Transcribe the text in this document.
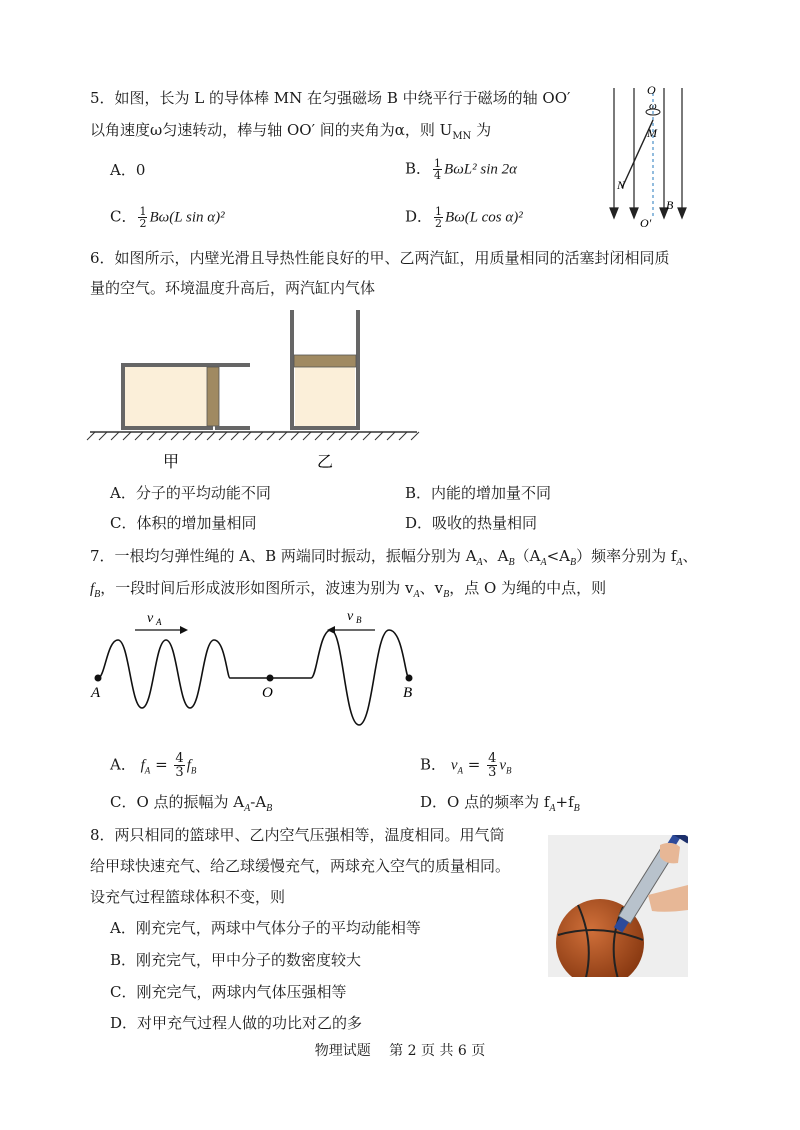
5．如图，长为 L 的导体棒 MN 在匀强磁场 B 中绕平行于磁场的轴 OO′
以角速度ω匀速转动，棒与轴 OO′ 间的夹角为α，则 $U_{MN}$ 为
A．0	B． $\frac{1}{4} B\omega L^2$ sin 2α
C． $\frac{1}{2} B\omega(L$ sin α)²	D． $\frac{1}{2} B\omega(L$ cos α)²
O
ω
M
N
B
O′
6．如图所示，内壁光滑且导热性能良好的甲、乙两汽缸，用质量相同的活塞封闭相同质
量的空气。环境温度升高后，两汽缸内气体
甲	乙
A．分子的平均动能不同	B．内能的增加量不同
C．体积的增加量相同	D．吸收的热量相同
7．一根均匀弹性绳的 A、B 两端同时振动，振幅分别为 $A_A$、$A_B(A_A<A_B)$频率分别为 $f_A$、
$f_B$，一段时间后形成波形如图所示，波速为别为 $v_A$、$v_B$，点 O 为绳的中点，则
v A	v B
A	O	B
A． $f_A = \frac{4}{3} f_B$	B． $v_A = \frac{4}{3} v_B$
C．O 点的振幅为 $A_A-A_B$	D．O 点的频率为 $f_A+f_B$
8．两只相同的篮球甲、乙内空气压强相等，温度相同。用气筒
给甲球快速充气、给乙球缓慢充气，两球充入空气的质量相同。
设充气过程篮球体积不变，则
A．刚充完气，两球中气体分子的平均动能相等
B．刚充完气，甲中分子的数密度较大
C．刚充完气，两球内气体压强相等
D．对甲充气过程人做的功比对乙的多
物理试题　 第 2 页 共 6 页
